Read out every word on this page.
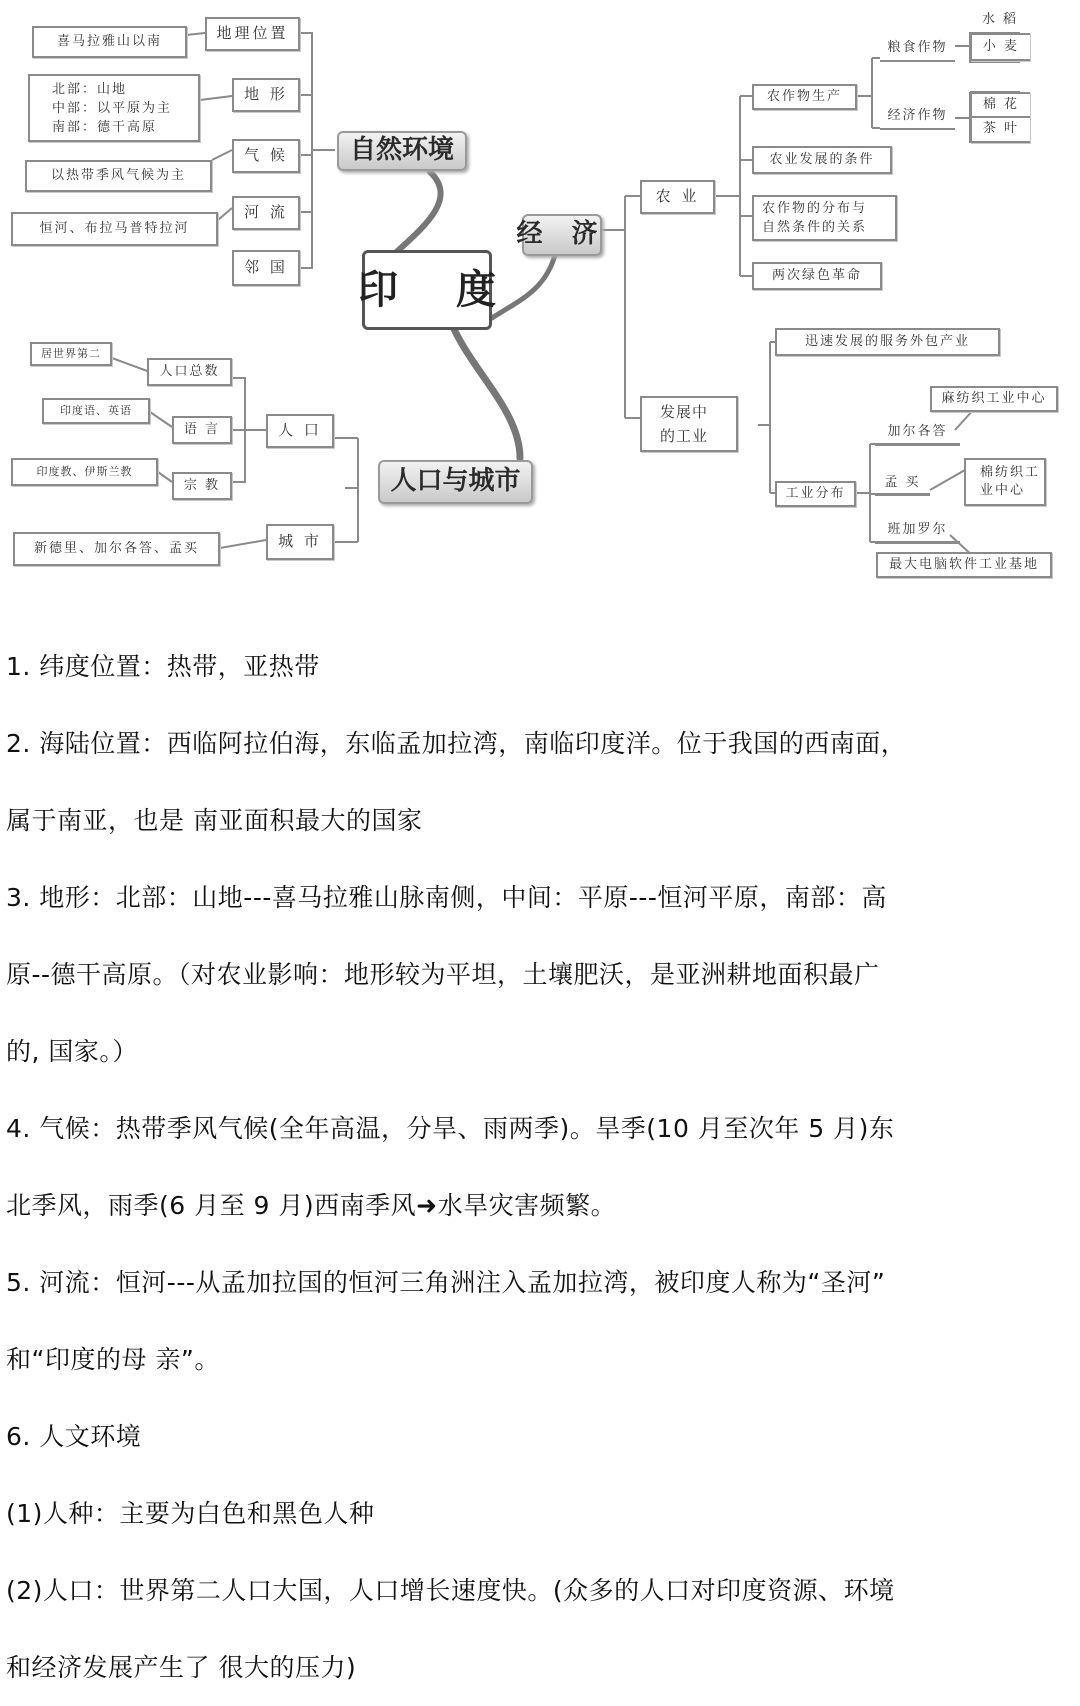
印 度
自然环境
经 济
人口与城市
地理位置
喜马拉雅山以南
地 形
北部：山地
中部：以平原为主
南部：德干高原
气 候
以热带季风气候为主
河 流
恒河、布拉马普特拉河
邻 国
农 业
农作物生产
粮食作物
水 稻
小 麦
经济作物
棉 花
茶 叶
农业发展的条件
农作物的分布与
自然条件的关系
两次绿色革命
发展中
的工业
迅速发展的服务外包产业
工业分布
加尔各答
麻纺织工业中心
孟 买
棉纺织工
业中心
班加罗尔
最大电脑软件工业基地
人 口
人口总数
居世界第二
语 言
印度语、英语
宗 教
印度教、伊斯兰教
城 市
新德里、加尔各答、孟买

1. 纬度位置：热带，亚热带

2. 海陆位置：西临阿拉伯海，东临孟加拉湾，南临印度洋。位于我国的西南面，

属于南亚，也是 南亚面积最大的国家

3. 地形：北部：山地---喜马拉雅山脉南侧，中间：平原---恒河平原，南部：高

原--德干高原。（对农业影响：地形较为平坦，土壤肥沃，是亚洲耕地面积最广

的, 国家。）

4. 气候：热带季风气候(全年高温，分旱、雨两季)。旱季(10 月至次年 5 月)东

北季风，雨季(6 月至 9 月)西南季风➜水旱灾害频繁。

5. 河流：恒河---从孟加拉国的恒河三角洲注入孟加拉湾，被印度人称为“圣河”

和“印度的母 亲”。

6. 人文环境

(1)人种：主要为白色和黑色人种

(2)人口：世界第二人口大国，人口增长速度快。(众多的人口对印度资源、环境

和经济发展产生了 很大的压力)
